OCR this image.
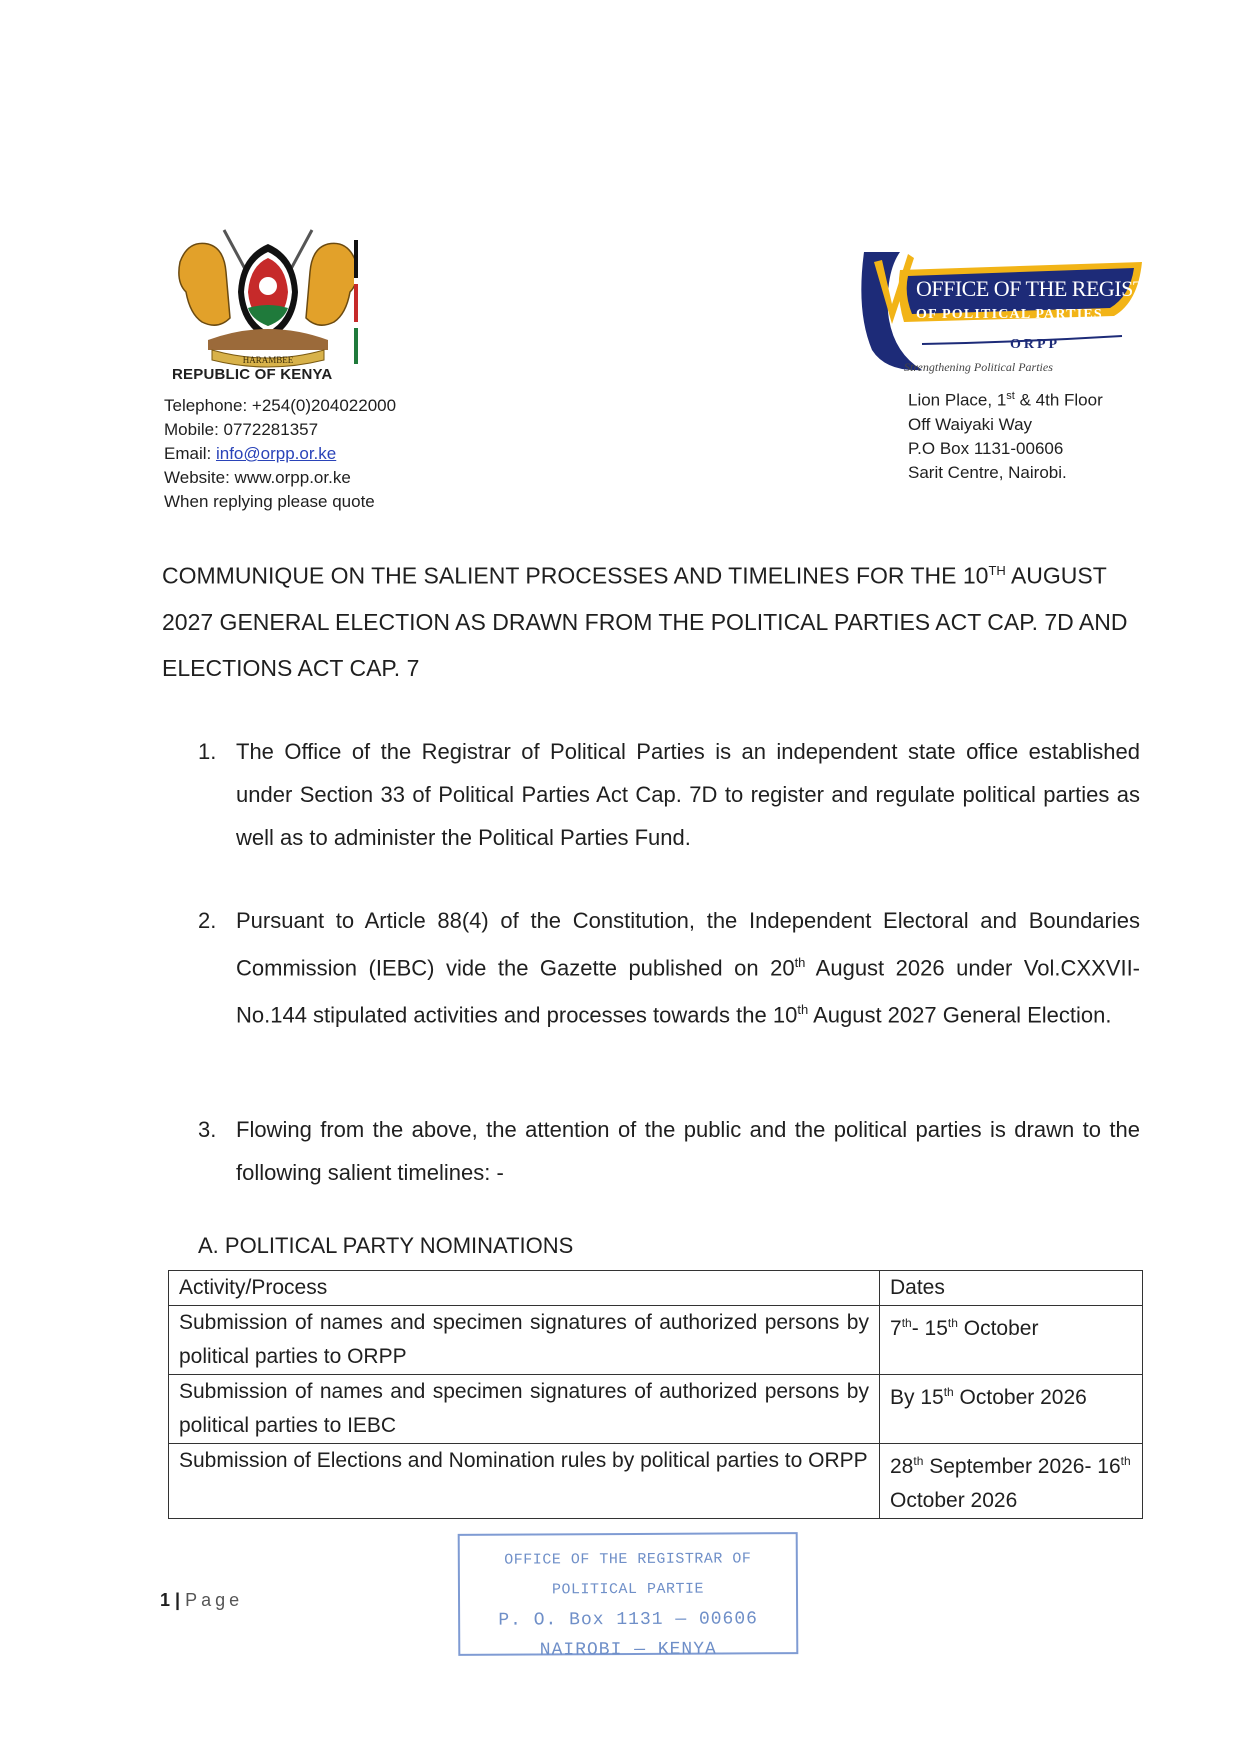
HARAMBEE
REPUBLIC OF KENYA
Telephone: +254(0)204022000
Mobile: 0772281357
Email: info@orpp.or.ke
Website: www.orpp.or.ke
When replying please quote
OFFICE OF THE REGISTRAR
OF POLITICAL PARTIES
ORPP
Strengthening Political Parties
Lion Place, 1st & 4th Floor
Off Waiyaki Way
P.O Box 1131-00606
Sarit Centre, Nairobi.
COMMUNIQUE ON THE SALIENT PROCESSES AND TIMELINES FOR THE 10TH AUGUST 2027 GENERAL ELECTION AS DRAWN FROM THE POLITICAL PARTIES ACT CAP. 7D AND ELECTIONS ACT CAP. 7
1. The Office of the Registrar of Political Parties is an independent state office established under Section 33 of Political Parties Act Cap. 7D to register and regulate political parties as well as to administer the Political Parties Fund.
2. Pursuant to Article 88(4) of the Constitution, the Independent Electoral and Boundaries Commission (IEBC) vide the Gazette published on 20th August 2026 under Vol.CXXVII-No.144 stipulated activities and processes towards the 10th August 2027 General Election.
3. Flowing from the above, the attention of the public and the political parties is drawn to the following salient timelines: -
A. POLITICAL PARTY NOMINATIONS
Activity/Process	Dates
Submission of names and specimen signatures of authorized persons by political parties to ORPP	7th- 15th October
Submission of names and specimen signatures of authorized persons by political parties to IEBC	By 15th October 2026
Submission of Elections and Nomination rules by political parties to ORPP	28th September 2026- 16th October 2026
OFFICE OF THE REGISTRAR OF POLITICAL PARTIE
P. O. Box 1131 — 00606
NAIROBI — KENYA
1 | Page
